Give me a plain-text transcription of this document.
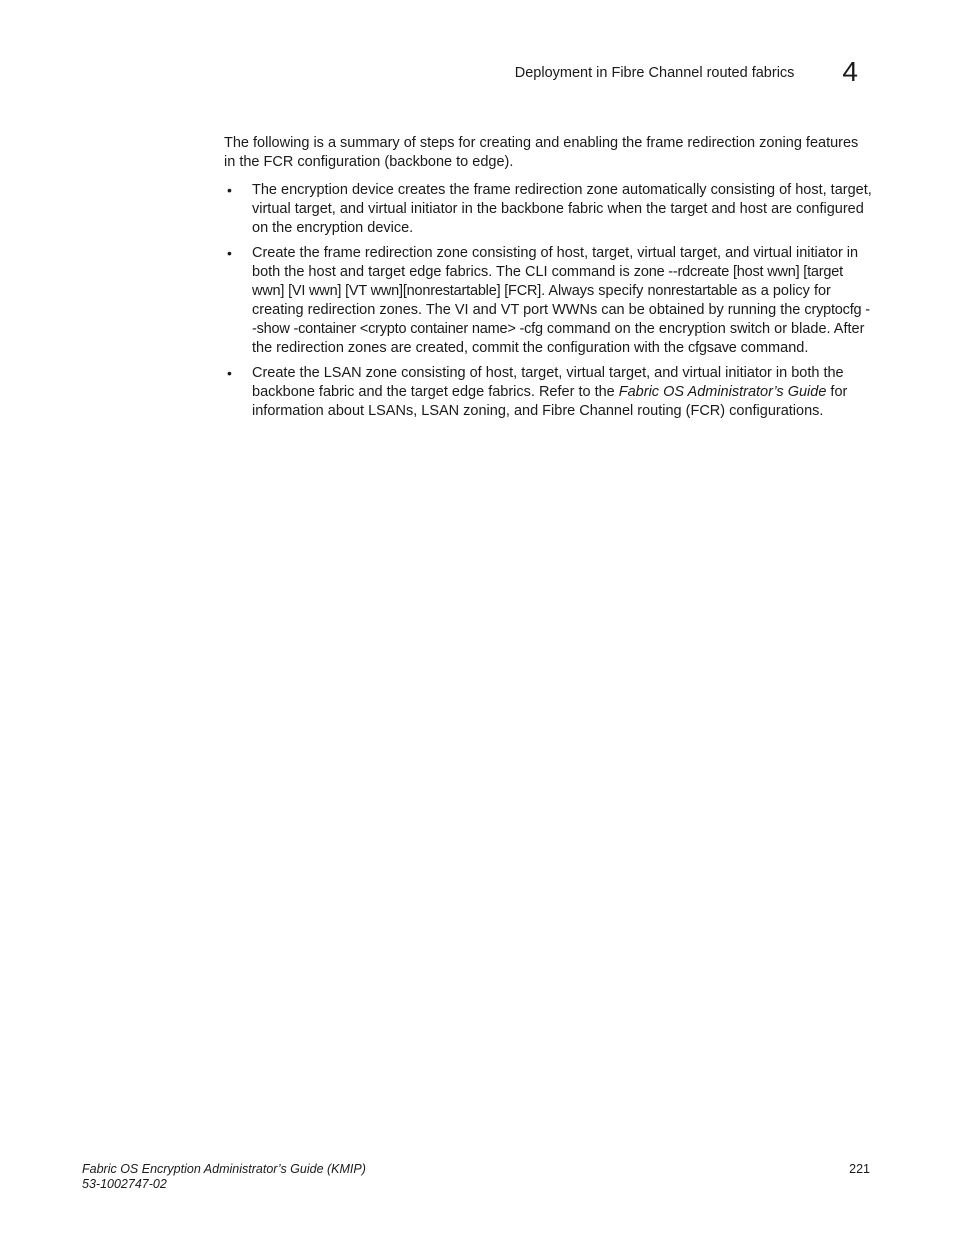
Deployment in Fibre Channel routed fabrics 4

The following is a summary of steps for creating and enabling the frame redirection zoning features in the FCR configuration (backbone to edge).

• The encryption device creates the frame redirection zone automatically consisting of host, target, virtual target, and virtual initiator in the backbone fabric when the target and host are configured on the encryption device.
• Create the frame redirection zone consisting of host, target, virtual target, and virtual initiator in both the host and target edge fabrics. The CLI command is zone --rdcreate [host wwn] [target wwn] [VI wwn] [VT wwn][nonrestartable] [FCR]. Always specify nonrestartable as a policy for creating redirection zones. The VI and VT port WWNs can be obtained by running the cryptocfg --show -container <crypto container name> -cfg command on the encryption switch or blade. After the redirection zones are created, commit the configuration with the cfgsave command.
• Create the LSAN zone consisting of host, target, virtual target, and virtual initiator in both the backbone fabric and the target edge fabrics. Refer to the Fabric OS Administrator’s Guide for information about LSANs, LSAN zoning, and Fibre Channel routing (FCR) configurations.
Fabric OS Encryption Administrator’s Guide (KMIP)
53-1002747-02
221
